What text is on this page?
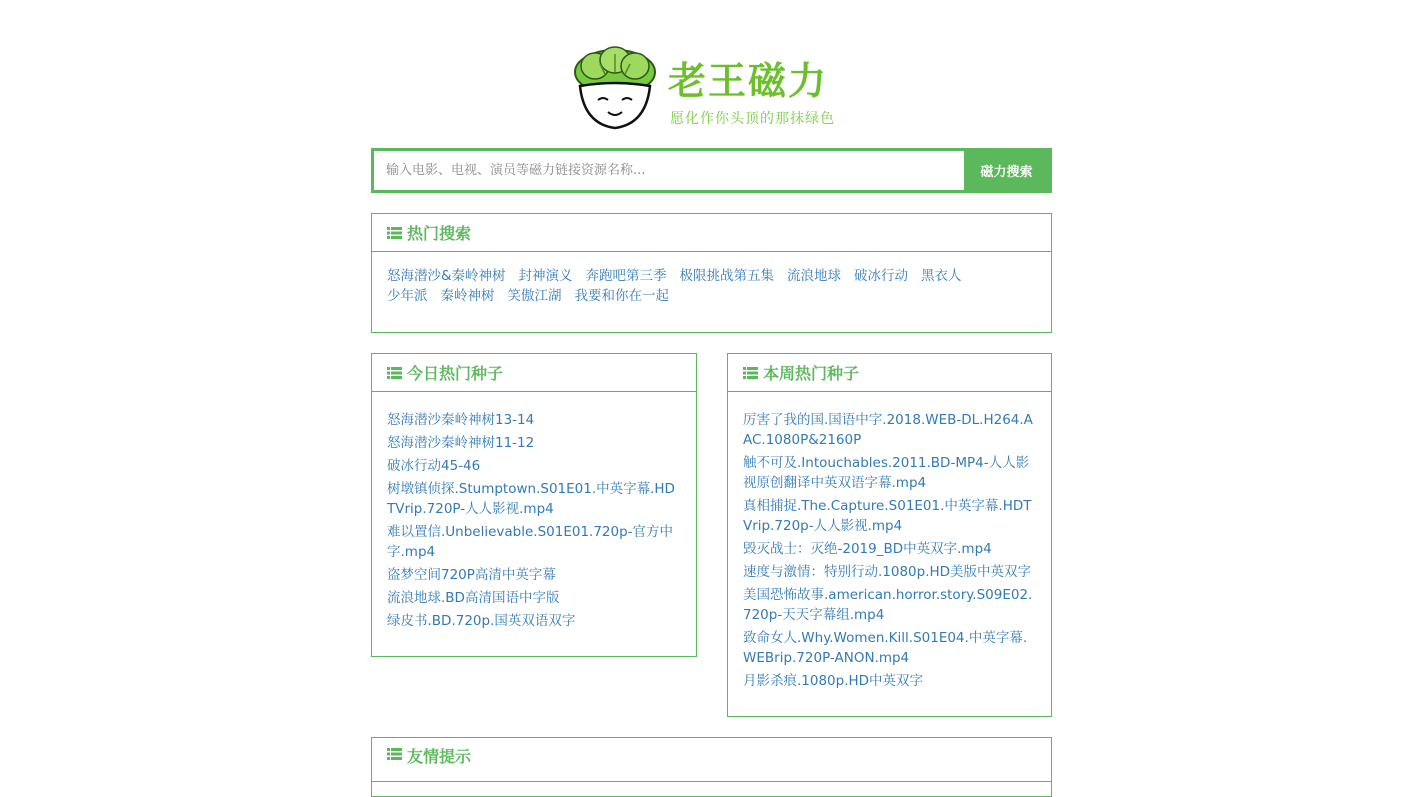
老王磁力
愿化作你头顶的那抹绿色
输入电影、电视、演员等磁力链接资源名称...
磁力搜索
热门搜索
怒海潜沙&秦岭神树 封神演义 奔跑吧第三季 极限挑战第五集 流浪地球 破冰行动 黑衣人
少年派 秦岭神树 笑傲江湖 我要和你在一起
今日热门种子
怒海潜沙秦岭神树13-14
怒海潜沙秦岭神树11-12
破冰行动45-46
树墩镇侦探.Stumptown.S01E01.中英字幕.HDTVrip.720P-人人影视.mp4
难以置信.Unbelievable.S01E01.720p-官方中字.mp4
盗梦空间720P高清中英字幕
流浪地球.BD高清国语中字版
绿皮书.BD.720p.国英双语双字
本周热门种子
厉害了我的国.国语中字.2018.WEB-DL.H264.AAC.1080P&2160P
触不可及.Intouchables.2011.BD-MP4-人人影视原创翻译中英双语字幕.mp4
真相捕捉.The.Capture.S01E01.中英字幕.HDTVrip.720p-人人影视.mp4
毁灭战士：灭绝-2019_BD中英双字.mp4
速度与激情：特别行动.1080p.HD美版中英双字
美国恐怖故事.american.horror.story.S09E02.720p-天天字幕组.mp4
致命女人.Why.Women.Kill.S01E04.中英字幕.WEBrip.720P-ANON.mp4
月影杀痕.1080p.HD中英双字
友情提示
